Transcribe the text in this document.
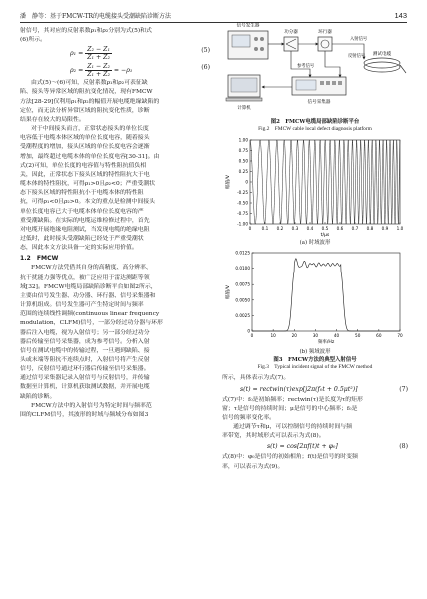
潘　静等：基于FMCW-TR的电缆接头受潮缺陷诊断方法	143

射信号，其对应的反射系数ρ₁和ρ₂分别为式(5)和式

(6)所示。

$\rho_1 = \frac{\text{Z₂ − Z₁}}{\text{Z₁ + Z₂}}$	(5)
$\rho_2 = \frac{\text{Z₁ − Z₂}}{\text{Z₁ + Z₂}} = -\rho_1$	(6)

由式(5)～(6)可知，反射系数ρ₁和ρ₂可表征缺

陷、接头等异常区域的阻抗变化情况，现有FMCW

方法[28-29]仅利用ρ₁和ρ₂的幅值开展电缆绝缘缺陷的

定位，而无法分析异常区域的阻抗变化性质，诊断

结果存在较大的局限性。

对于中间接头而言，正常状态接头的单位长度

电容低于电缆本体区域的单位长度电容，随着接头

受潮程度的增加，接头区域的单位长度电容会逐渐

增加，最终超过电缆本体的单位长度电容[30-31]。由

式(2)可知，单位长度的电容值与特性阻抗值负相

关，因此，正常状态下接头区域的特性阻抗大于电

缆本体的特性阻抗，可得ρ₁>0且ρ₂<0；严重受潮状

态下接头区域的特性阻抗小于电缆本体的特性阻

抗，可得ρ₁<0且ρ₂>0。本文的重点是检测中间接头

单位长度电容已大于电缆本体单位长度电容的严

重受潮缺陷。在实际的电缆运维检修过程中，首先

对电缆开展绝缘电阻测试，当发现电缆的绝缘电阻

过低时，此时接头受潮缺陷已经处于严重受潮状

态，因此本文方法具备一定的实际应用价值。

1.2　FMCW

FMCW方法凭借其自身的高精度、高分辨率、

抗干扰能力强等优点，被广泛应用于雷达测距等领

域[32]。FMCW电缆局部缺陷诊断平台如图2所示，

主要由信号发生器、功分器、环行器、信号采集器和

计算机组成。信号发生器可产生特定时间与频率

范围的连续线性调频(continuous linear frequency

modulation，CLFM)信号，一部分经过功分器与环形

器后注入电缆，视为入射信号；另一部分经过功分

器后传输至信号采集器，成为参考信号。分析入射

信号在测试电缆中的传输过程，一旦遇到缺陷、接

头或末端等阻抗不连续点时，入射信号将产生反射

信号，反射信号通过环行器后传输至信号采集器。

通过信号采集器记录入射信号与反射信号，并传输

数据至计算机，计算机获取测试数据，并开展电缆

缺陷的诊断。

FMCW方法中的入射信号为特定时间与频率范

围的CLFM信号，其波形的时域与频域分布如图3

信号发生器
功分器	环行器
测试电缆
计算机
信号采集器
入射信号
反射信号
参考信号
图2　FMCW电缆局部缺陷诊断平台
Fig.2　FMCW cable local defect diagnosis platform
0 0.1 0.2 0.3 0.4 0.5 0.6 0.7 0.8 0.9 1.0
1.00
0.75
0.50
0.25
0
-0.25
-0.50
-0.75
-1.00
t/μs
幅值/V
(a) 时域波形
0	10	20	30	40	50	60	70
0.0125
0.0100
0.0075
0.0050
0.0025
0
频率/Hz
幅值/V
(b) 频域波形
图3　FMCW方法的典型入射信号
Fig.3　Typical incident signal of the FMCW method

所示，具体表示为式(7)。

s(t) = rectwin(τ)exp[j2π(f₀t + 0.5μt²)]	(7)

式(7)中：f₀是初始频率；rectwin(τ)是长度为τ的矩形

窗；τ是信号的持续时间；μ是信号的中心频率；f₀是

信号的频率变化率。

通过调节τ和μ，可以控制信号的持续时间与频

率带宽，其时域形式可以表示为式(8)。

s(t) = cos[2πf(t)t + φ₀]	(8)

式(8)中：φ₀是信号的初始相角；f(t)是信号的时变频

率，可以表示为式(9)。
